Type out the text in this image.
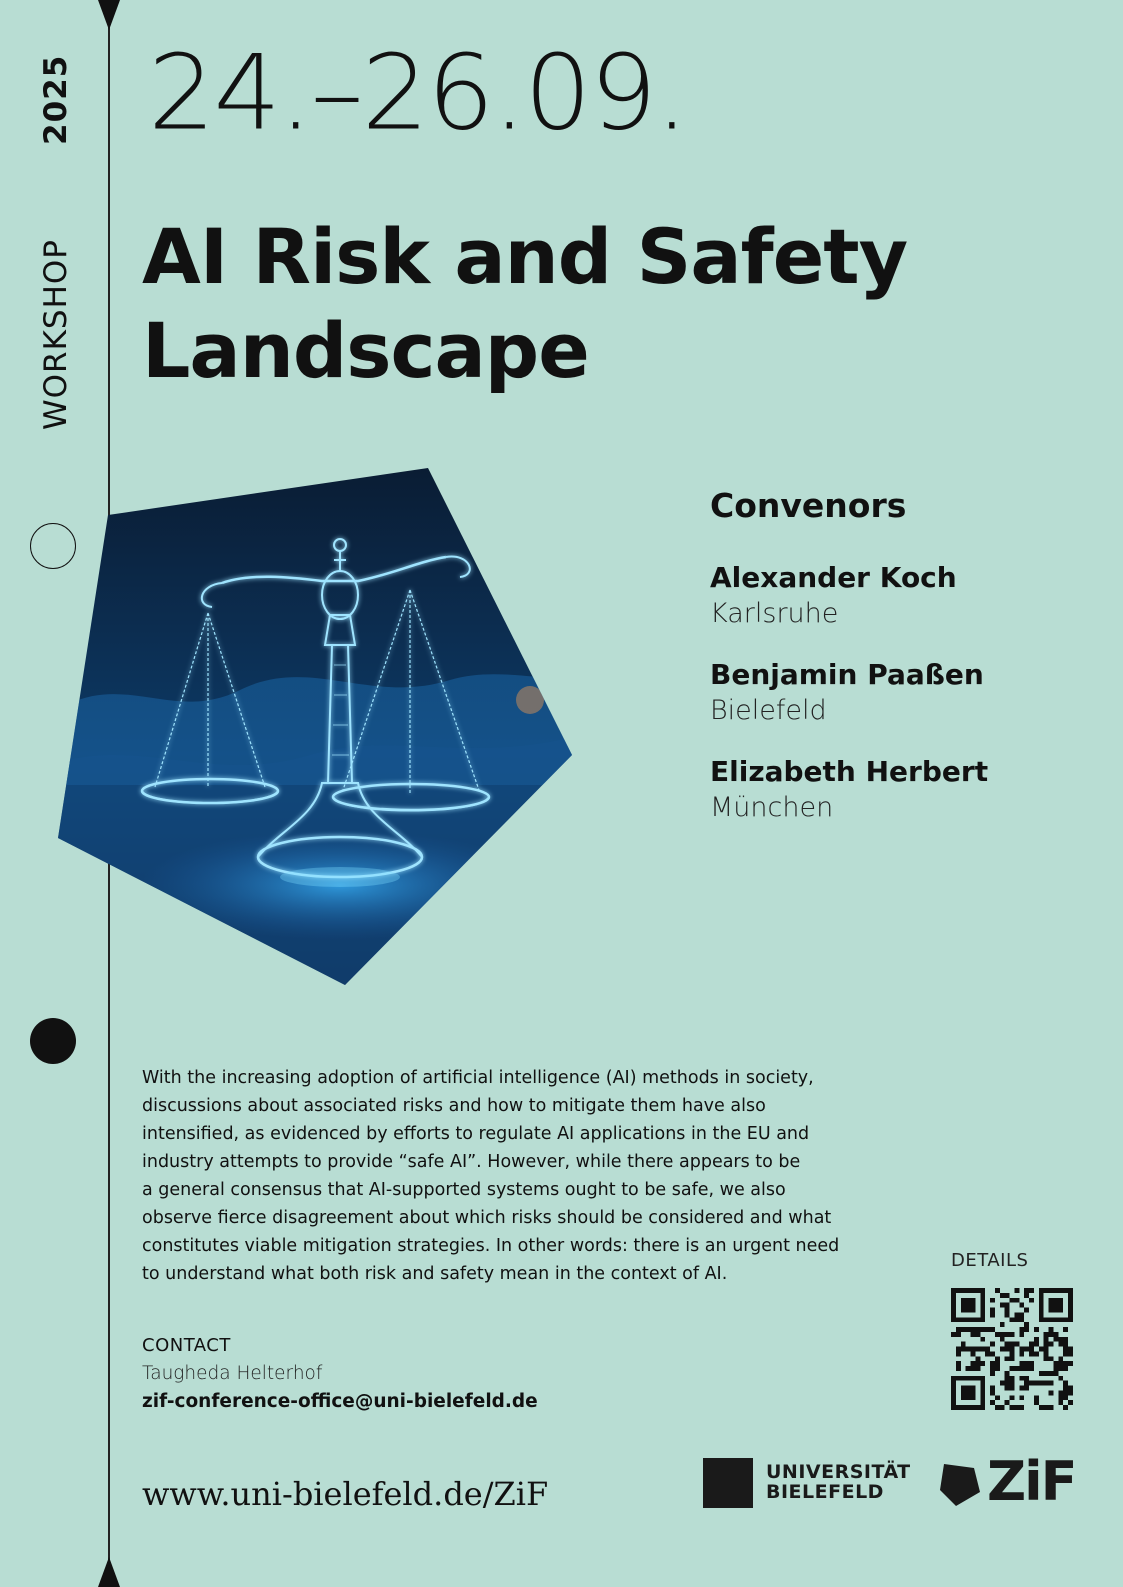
WORKSHOP
2025 24.–26.09.
AI Risk and Safety
Landscape
Convenors
Alexander Koch
Karlsruhe
Benjamin Paaßen
Bielefeld
Elizabeth Herbert
München
With the increasing adoption of artificial intelligence (AI) methods in society,
discussions about associated risks and how to mitigate them have also
intensified, as evidenced by efforts to regulate AI applications in the EU and
industry attempts to provide “safe AI”. However, while there appears to be
a general consensus that AI-supported systems ought to be safe, we also
observe fierce disagreement about which risks should be considered and what
constitutes viable mitigation strategies. In other words: there is an urgent need
to understand what both risk and safety mean in the context of AI.
CONTACT
Taugheda Helterhof
zif-conference-office@uni-bielefeld.de
www.uni-bielefeld.de/ZiF
DETAILS
UNIVERSITÄT
BIELEFELD	ZiF
